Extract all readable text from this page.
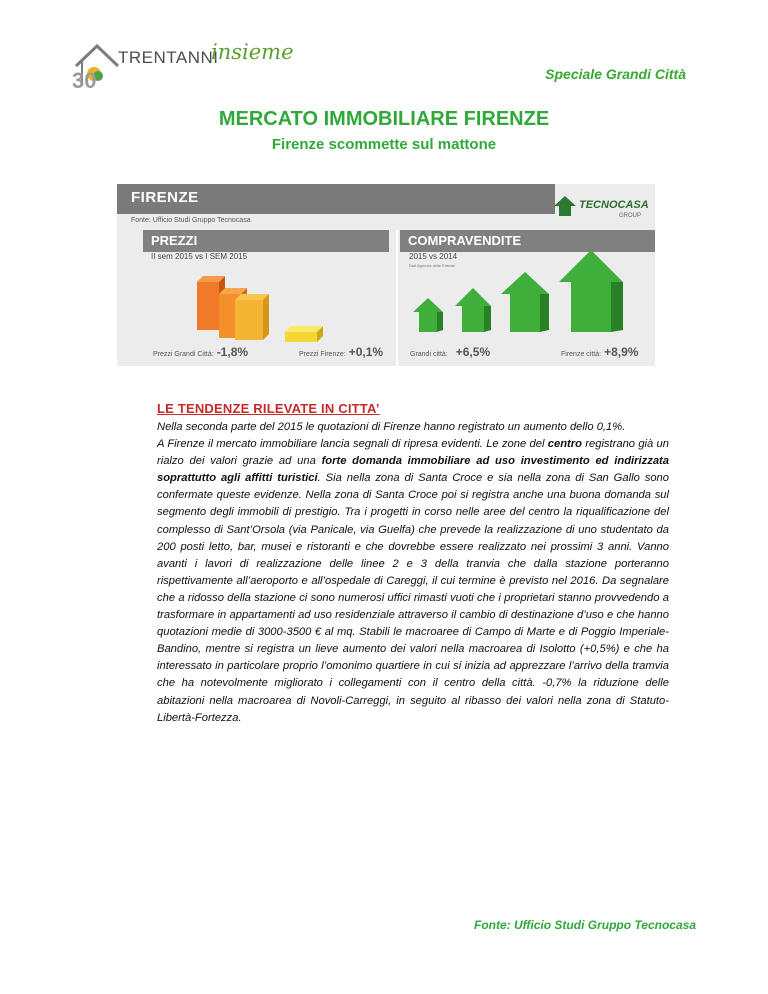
30
TRENTANNI
insieme
Speciale Grandi Città
MERCATO IMMOBILIARE FIRENZE
Firenze scommette sul mattone
FIRENZE
Fonte: Ufficio Studi Gruppo Tecnocasa
TECNOCASA
GROUP
PREZZI
II sem 2015 vs I SEM 2015
Prezzi Grandi Città: -1,8%	Prezzi Firenze: +0,1%
COMPRAVENDITE
2015 vs 2014
Dati Agenzia delle Entrate
Grandi città: +6,5%	Firenze città: +8,9%
LE TENDENZE RILEVATE IN CITTA’
Nella seconda parte del 2015 le quotazioni di Firenze hanno registrato un aumento dello 0,1%.
A Firenze il mercato immobiliare lancia segnali di ripresa evidenti. Le zone del centro registrano già un rialzo dei valori grazie ad una forte domanda immobiliare ad uso investimento ed indirizzata soprattutto agli affitti turistici. Sia nella zona di Santa Croce e sia nella zona di San Gallo sono confermate queste evidenze. Nella zona di Santa Croce poi si registra anche una buona domanda sul segmento degli immobili di prestigio. Tra i progetti in corso nelle aree del centro la riqualificazione del complesso di Sant’Orsola (via Panicale, via Guelfa) che prevede la realizzazione di uno studentato da 200 posti letto, bar, musei e ristoranti e che dovrebbe essere realizzato nei prossimi 3 anni. Vanno avanti i lavori di realizzazione delle linee 2 e 3 della tranvia che dalla stazione porteranno rispettivamente all’aeroporto e all’ospedale di Careggi, il cui termine è previsto nel 2016. Da segnalare che a ridosso della stazione ci sono numerosi uffici rimasti vuoti che i proprietari stanno provvedendo a trasformare in appartamenti ad uso residenziale attraverso il cambio di destinazione d’uso e che hanno quotazioni medie di 3000-3500 € al mq. Stabili le macroaree di Campo di Marte e di Poggio Imperiale-Bandino, mentre si registra un lieve aumento dei valori nella macroarea di Isolotto (+0,5%) e che ha interessato in particolare proprio l’omonimo quartiere in cui si inizia ad apprezzare l’arrivo della tramvia che ha notevolmente migliorato i collegamenti con il centro della città. -0,7% la riduzione delle abitazioni nella macroarea di Novoli-Carreggi, in seguito al ribasso dei valori nella zona di Statuto-Libertà-Fortezza.
Fonte: Ufficio Studi Gruppo Tecnocasa
